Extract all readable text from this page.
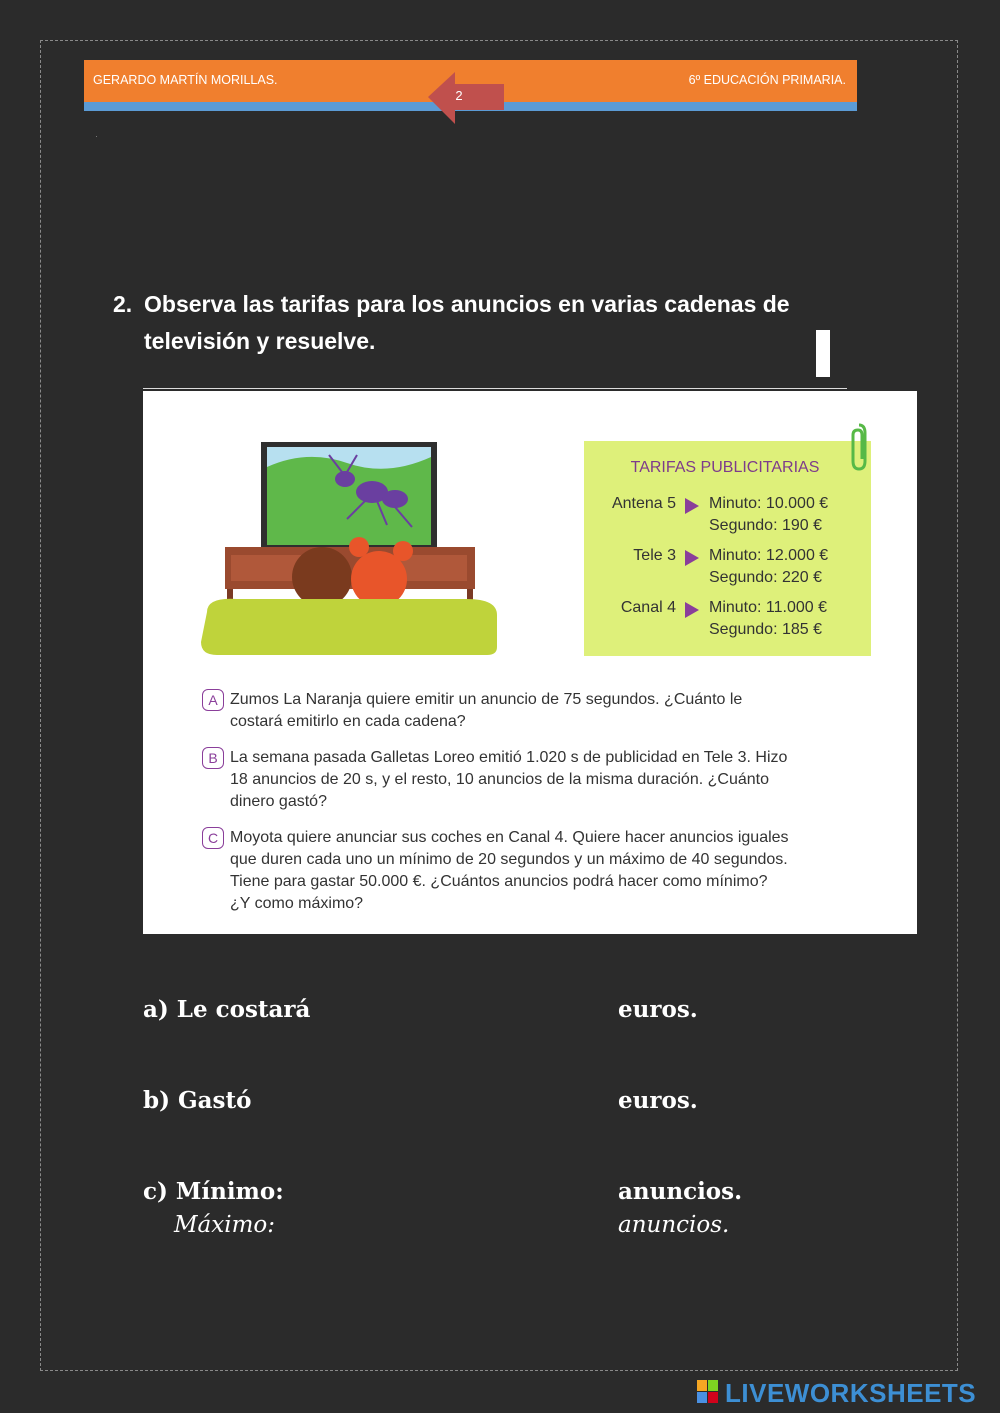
GERARDO MARTÍN MORILLAS.	6º EDUCACIÓN PRIMARIA.
2
2. Observa las tarifas para los anuncios en varias cadenas de televisión y resuelve.
TARIFAS PUBLICITARIAS
Antena 5 Minuto: 10.000 €
Segundo: 190 €
Tele 3 Minuto: 12.000 €
Segundo: 220 €
Canal 4 Minuto: 11.000 €
Segundo: 185 €
A Zumos La Naranja quiere emitir un anuncio de 75 segundos. ¿Cuánto le costará emitirlo en cada cadena?
B La semana pasada Galletas Loreo emitió 1.020 s de publicidad en Tele 3. Hizo 18 anuncios de 20 s, y el resto, 10 anuncios de la misma duración. ¿Cuánto dinero gastó?
C Moyota quiere anunciar sus coches en Canal 4. Quiere hacer anuncios iguales que duren cada uno un mínimo de 20 segundos y un máximo de 40 segundos. Tiene para gastar 50.000 €. ¿Cuántos anuncios podrá hacer como mínimo? ¿Y como máximo?
a) Le costará	euros.
b) Gastó	euros.
c) Mínimo:	anuncios.
Máximo:	anuncios.
LIVEWORKSHEETS
